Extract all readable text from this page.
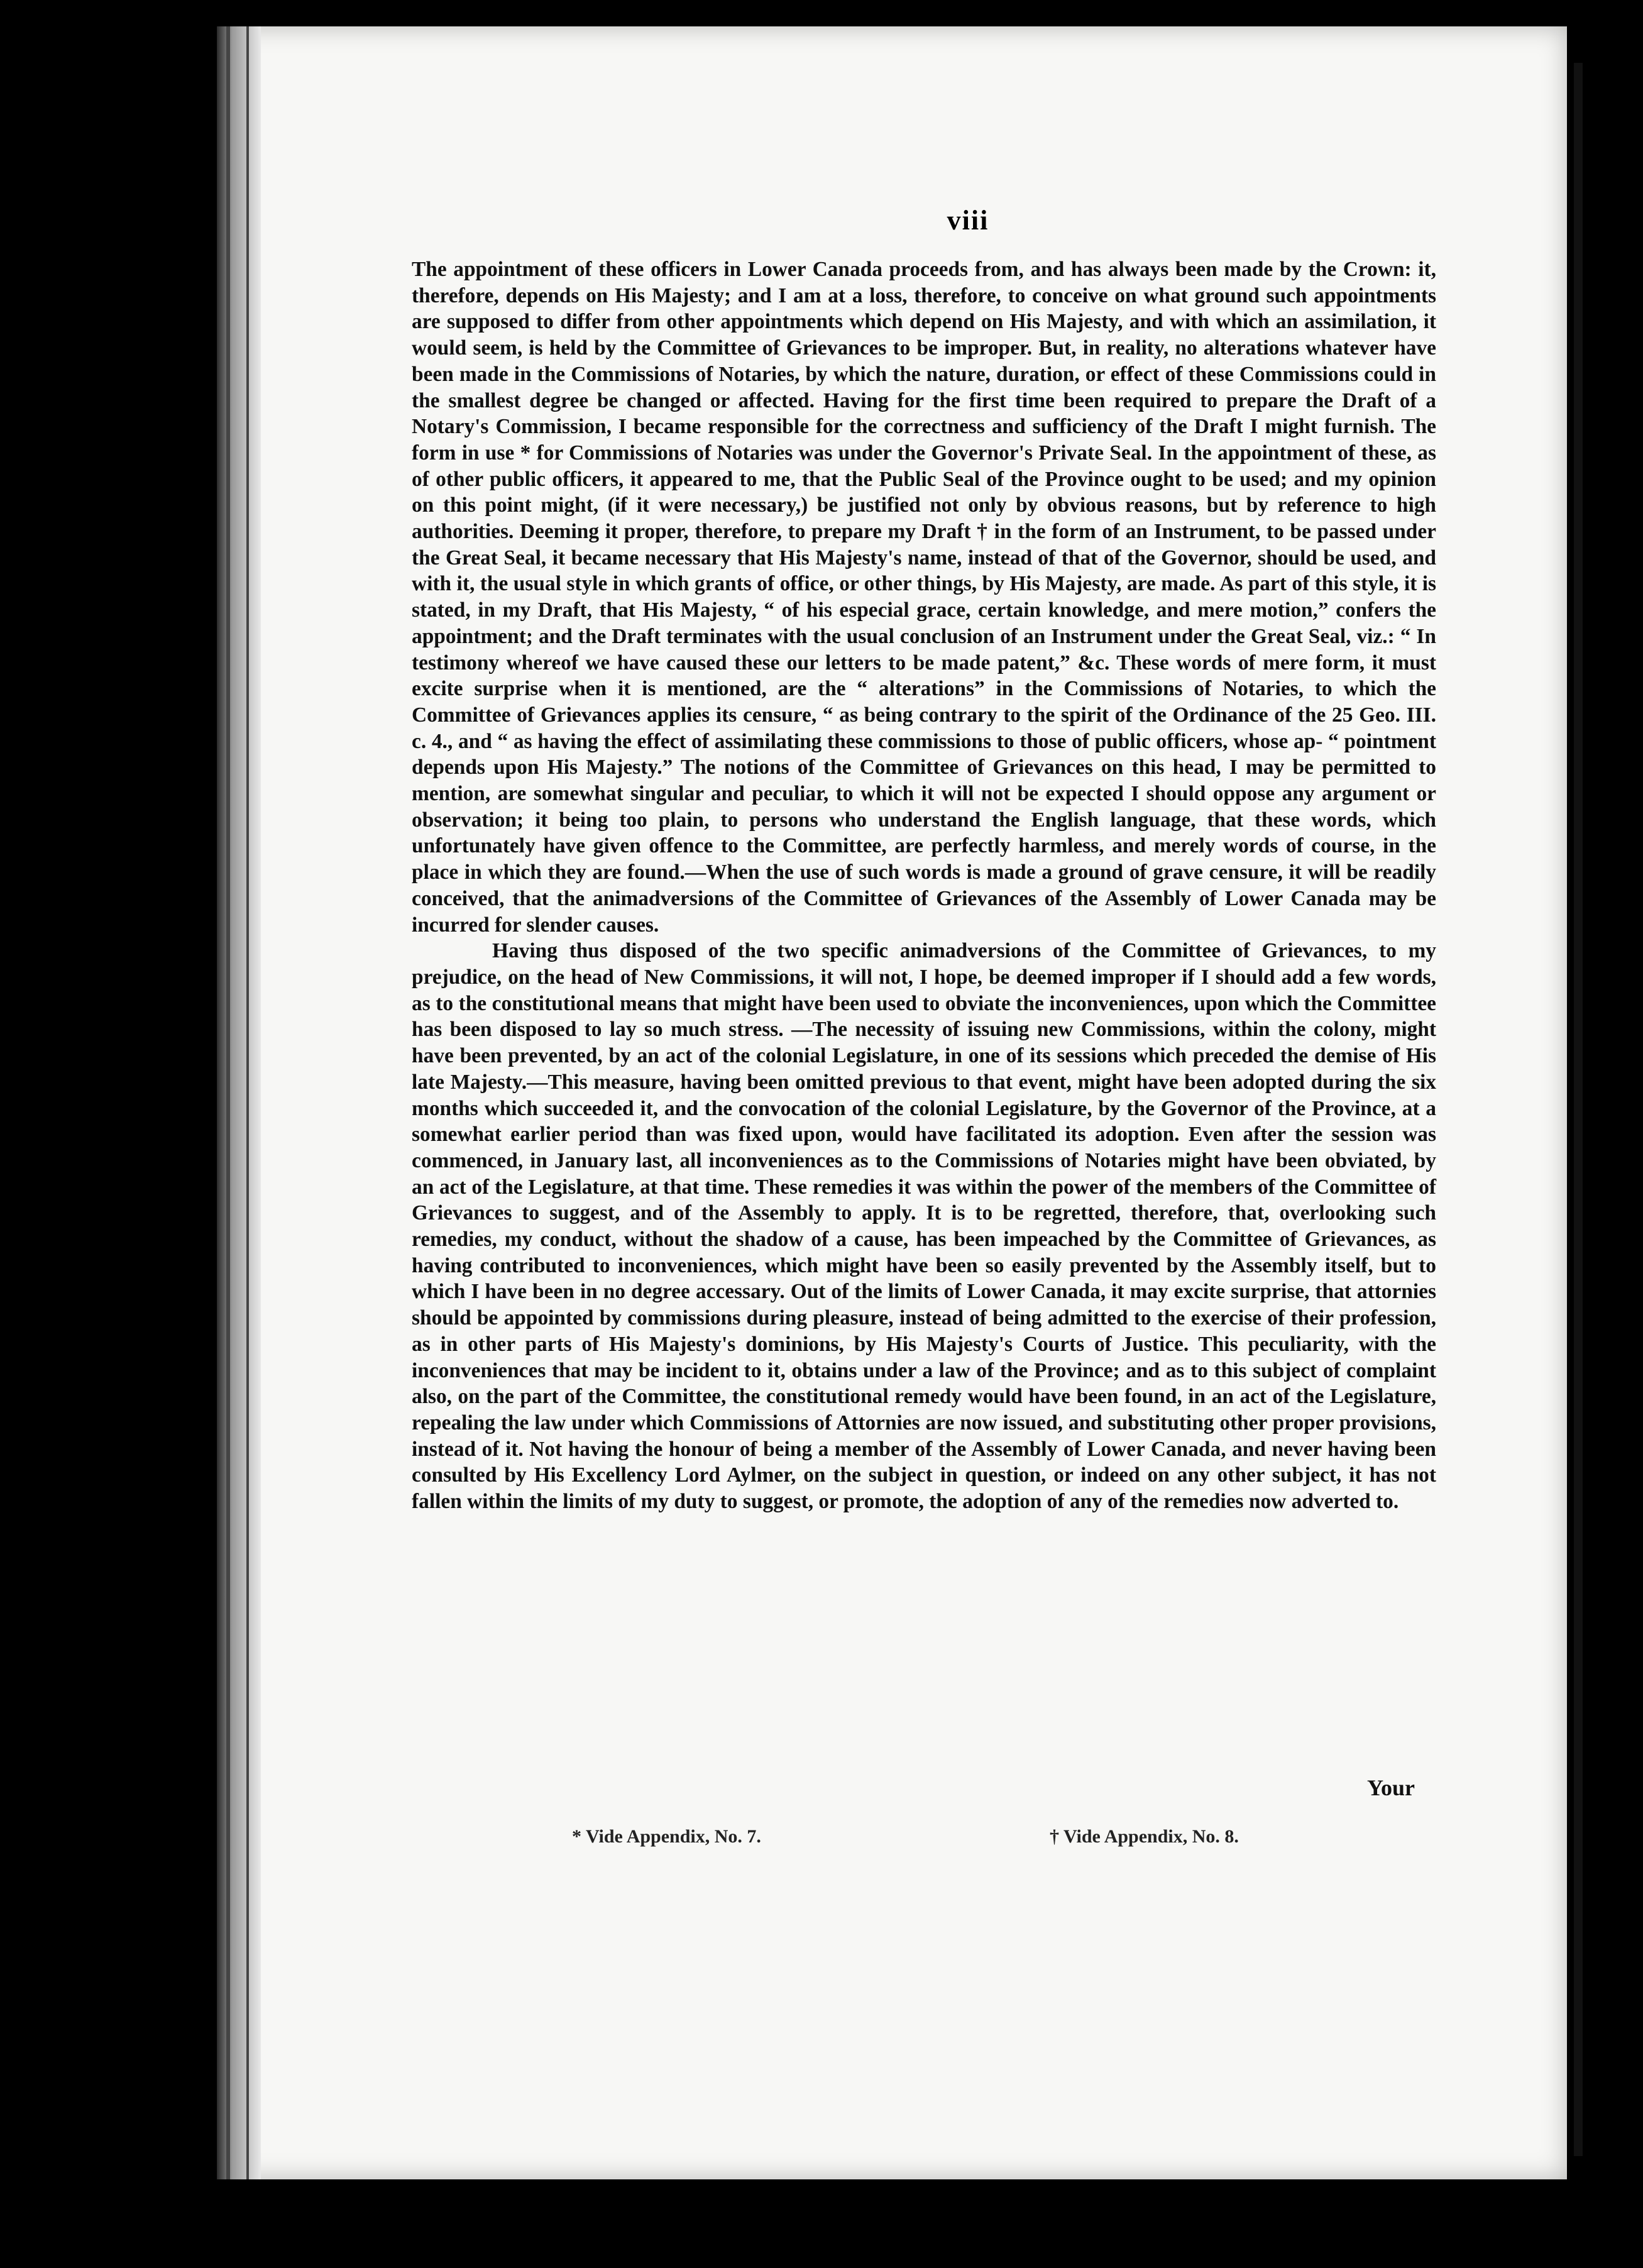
viii

The appointment of these officers in Lower Canada proceeds from, and has always been made by the Crown: it, therefore, depends on His Majesty; and I am at a loss, therefore, to conceive on what ground such appointments are supposed to differ from other appointments which depend on His Majesty, and with which an assimilation, it would seem, is held by the Committee of Grievances to be improper. But, in reality, no alterations whatever have been made in the Commissions of Notaries, by which the nature, duration, or effect of these Commissions could in the smallest degree be changed or affected. Having for the first time been required to prepare the Draft of a Notary's Commission, I became responsible for the correctness and sufficiency of the Draft I might furnish. The form in use * for Commissions of Notaries was under the Governor's Private Seal. In the appointment of these, as of other public officers, it appeared to me, that the Public Seal of the Province ought to be used; and my opinion on this point might, (if it were necessary,) be justified not only by obvious reasons, but by reference to high authorities. Deeming it proper, therefore, to prepare my Draft † in the form of an Instrument, to be passed under the Great Seal, it became necessary that His Majesty's name, instead of that of the Governor, should be used, and with it, the usual style in which grants of office, or other things, by His Majesty, are made. As part of this style, it is stated, in my Draft, that His Majesty, “ of his especial grace, certain knowledge, and mere motion,” confers the appointment; and the Draft terminates with the usual conclusion of an Instrument under the Great Seal, viz.: “ In testimony whereof we have caused these our letters to be made patent,” &c. These words of mere form, it must excite surprise when it is mentioned, are the “ alterations” in the Commissions of Notaries, to which the Committee of Grievances applies its censure, “ as being contrary to the spirit of the Ordinance of the 25 Geo. III. c. 4., and “ as having the effect of assimilating these commissions to those of public officers, whose ap- “ pointment depends upon His Majesty.” The notions of the Committee of Grievances on this head, I may be permitted to mention, are somewhat singular and peculiar, to which it will not be expected I should oppose any argument or observation; it being too plain, to persons who understand the English language, that these words, which unfortunately have given offence to the Committee, are perfectly harmless, and merely words of course, in the place in which they are found.—When the use of such words is made a ground of grave censure, it will be readily conceived, that the animadversions of the Committee of Grievances of the Assembly of Lower Canada may be incurred for slender causes.

Having thus disposed of the two specific animadversions of the Committee of Grievances, to my prejudice, on the head of New Commissions, it will not, I hope, be deemed improper if I should add a few words, as to the constitutional means that might have been used to obviate the inconveniences, upon which the Committee has been disposed to lay so much stress. —The necessity of issuing new Commissions, within the colony, might have been prevented, by an act of the colonial Legislature, in one of its sessions which preceded the demise of His late Majesty.—This measure, having been omitted previous to that event, might have been adopted during the six months which succeeded it, and the convocation of the colonial Legislature, by the Governor of the Province, at a somewhat earlier period than was fixed upon, would have facilitated its adoption. Even after the session was commenced, in January last, all inconveniences as to the Commissions of Notaries might have been obviated, by an act of the Legislature, at that time. These remedies it was within the power of the members of the Committee of Grievances to suggest, and of the Assembly to apply. It is to be regretted, therefore, that, overlooking such remedies, my conduct, without the shadow of a cause, has been impeached by the Committee of Grievances, as having contributed to inconveniences, which might have been so easily prevented by the Assembly itself, but to which I have been in no degree accessary. Out of the limits of Lower Canada, it may excite surprise, that attornies should be appointed by commissions during pleasure, instead of being admitted to the exercise of their profession, as in other parts of His Majesty's dominions, by His Majesty's Courts of Justice. This peculiarity, with the inconveniences that may be incident to it, obtains under a law of the Province; and as to this subject of complaint also, on the part of the Committee, the constitutional remedy would have been found, in an act of the Legislature, repealing the law under which Commissions of Attornies are now issued, and substituting other proper provisions, instead of it. Not having the honour of being a member of the Assembly of Lower Canada, and never having been consulted by His Excellency Lord Aylmer, on the subject in question, or indeed on any other subject, it has not fallen within the limits of my duty to suggest, or promote, the adoption of any of the remedies now adverted to.

Your
* Vide Appendix, No. 7.	† Vide Appendix, No. 8.
